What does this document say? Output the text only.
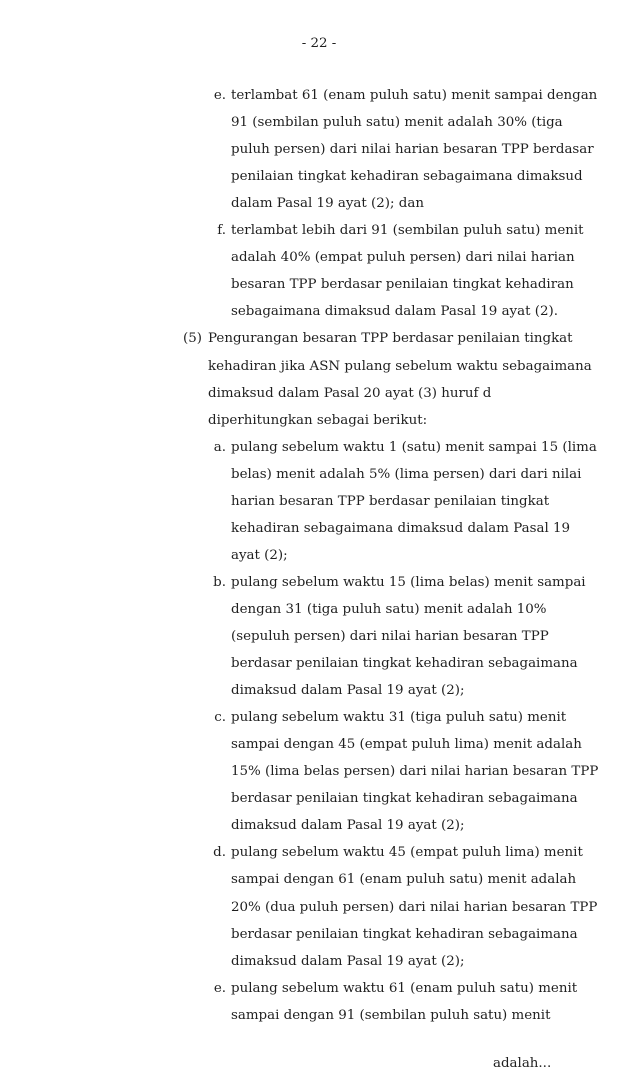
- 22 -
adalah...
e. terlambat 61 (enam puluh satu) menit sampai dengan
91 (sembilan puluh satu) menit adalah 30% (tiga
puluh persen) dari nilai harian besaran TPP berdasar
penilaian tingkat kehadiran sebagaimana dimaksud
dalam Pasal 19 ayat (2); dan
f. terlambat lebih dari 91 (sembilan puluh satu) menit
adalah 40% (empat puluh persen) dari nilai harian
besaran TPP berdasar penilaian tingkat kehadiran
sebagaimana dimaksud dalam Pasal 19 ayat (2).
(5) Pengurangan besaran TPP berdasar penilaian tingkat
kehadiran jika ASN pulang sebelum waktu sebagaimana
dimaksud dalam Pasal 20 ayat (3) huruf d
diperhitungkan sebagai berikut:
a. pulang sebelum waktu 1 (satu) menit sampai 15 (lima
belas) menit adalah 5% (lima persen) dari dari nilai
harian besaran TPP berdasar penilaian tingkat
kehadiran sebagaimana dimaksud dalam Pasal 19
ayat (2);
b. pulang sebelum waktu 15 (lima belas) menit sampai
dengan 31 (tiga puluh satu) menit adalah 10%
(sepuluh persen) dari nilai harian besaran TPP
berdasar penilaian tingkat kehadiran sebagaimana
dimaksud dalam Pasal 19 ayat (2);
c. pulang sebelum waktu 31 (tiga puluh satu) menit
sampai dengan 45 (empat puluh lima) menit adalah
15% (lima belas persen) dari nilai harian besaran TPP
berdasar penilaian tingkat kehadiran sebagaimana
dimaksud dalam Pasal 19 ayat (2);
d. pulang sebelum waktu 45 (empat puluh lima) menit
sampai dengan 61 (enam puluh satu) menit adalah
20% (dua puluh persen) dari nilai harian besaran TPP
berdasar penilaian tingkat kehadiran sebagaimana
dimaksud dalam Pasal 19 ayat (2);
e. pulang sebelum waktu 61 (enam puluh satu) menit
sampai dengan 91 (sembilan puluh satu) menit
